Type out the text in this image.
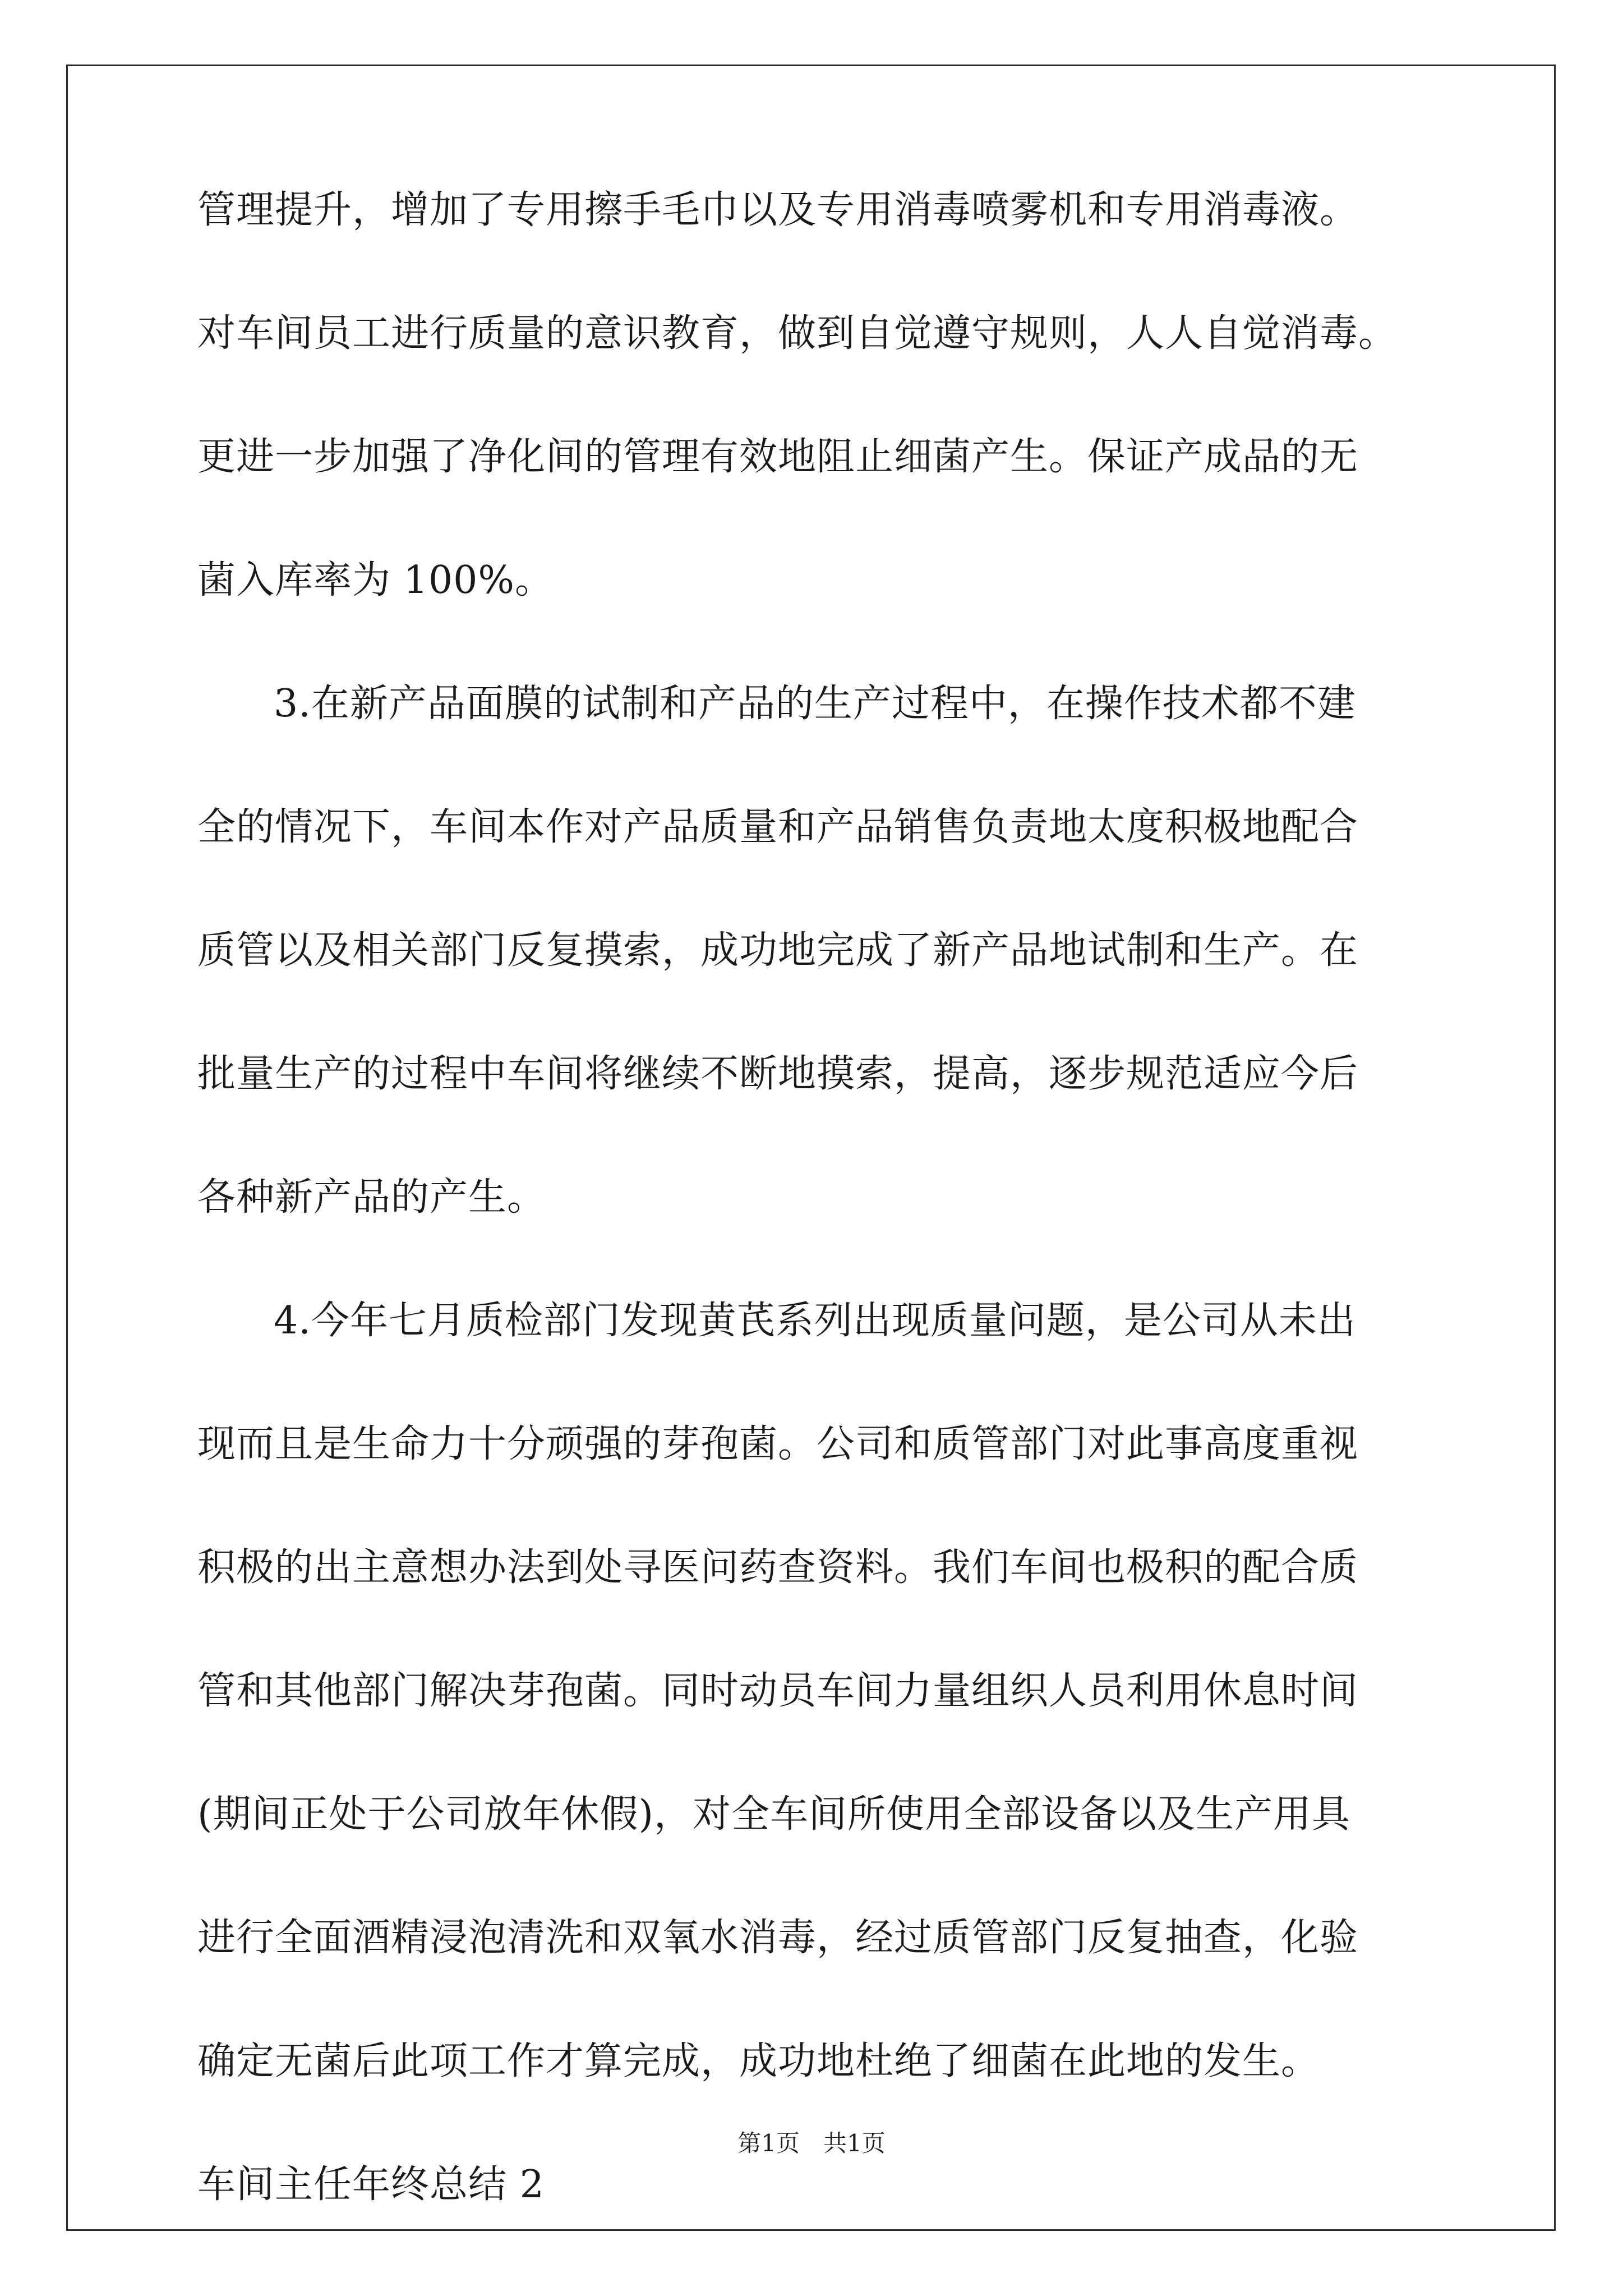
管理提升，增加了专用擦手毛巾以及专用消毒喷雾机和专用消毒液。
对车间员工进行质量的意识教育，做到自觉遵守规则，人人自觉消毒。
更进一步加强了净化间的管理有效地阻止细菌产生。保证产成品的无
菌入库率为 100%。
3.在新产品面膜的试制和产品的生产过程中，在操作技术都不建
全的情况下，车间本作对产品质量和产品销售负责地太度积极地配合
质管以及相关部门反复摸索，成功地完成了新产品地试制和生产。在
批量生产的过程中车间将继续不断地摸索，提高，逐步规范适应今后
各种新产品的产生。
4.今年七月质检部门发现黄芪系列出现质量问题，是公司从未出
现而且是生命力十分顽强的芽孢菌。公司和质管部门对此事高度重视
积极的出主意想办法到处寻医问药查资料。我们车间也极积的配合质
管和其他部门解决芽孢菌。同时动员车间力量组织人员利用休息时间
(期间正处于公司放年休假)，对全车间所使用全部设备以及生产用具
进行全面酒精浸泡清洗和双氧水消毒，经过质管部门反复抽查，化验
确定无菌后此项工作才算完成，成功地杜绝了细菌在此地的发生。
车间主任年终总结 2
第1页　共1页
